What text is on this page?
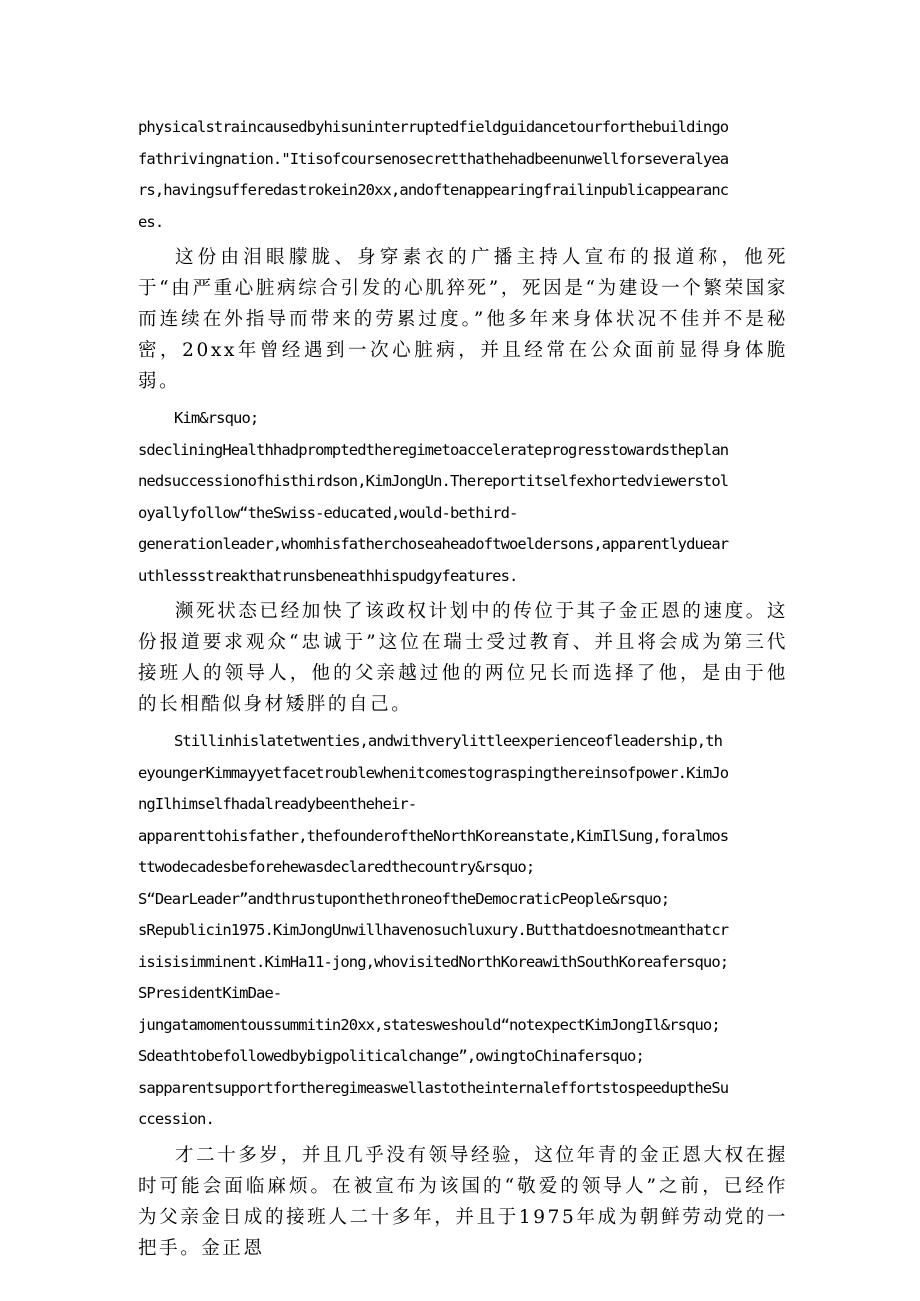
physicalstraincausedbyhisuninterruptedfieldguidancetourforthebuildingo
fathrivingnation."Itisofcoursenosecretthathehadbeenunwellforseveralyea
rs,havingsufferedastrokein20xx,andoftenappearingfrailinpublicappearanc
es.

这份由泪眼朦胧、身穿素衣的广播主持人宣布的报道称，他死于“由严重心脏病综合引发的心肌猝死”，死因是“为建设一个繁荣国家而连续在外指导而带来的劳累过度。”他多年来身体状况不佳并不是秘密，20xx年曾经遇到一次心脏病，并且经常在公众面前显得身体脆弱。

Kim&rsquo;
sdecliningHealthhadpromptedtheregimetoaccelerateprogresstowardstheplan
nedsuccessionofhisthirdson,KimJongUn.Thereportitselfexhortedviewerstol
oyallyfollow“theSwiss-educated,would-bethird-
generationleader,whomhisfatherchoseaheadoftwoeldersons,apparentlyduear
uthlessstreakthatrunsbeneathhispudgyfeatures.

濒死状态已经加快了该政权计划中的传位于其子金正恩的速度。这份报道要求观众“忠诚于”这位在瑞士受过教育、并且将会成为第三代接班人的领导人，他的父亲越过他的两位兄长而选择了他，是由于他的长相酷似身材矮胖的自己。

Stillinhislatetwenties,andwithverylittleexperienceofleadership,th
eyoungerKimmayyetfacetroublewhenitcomestograspingthereinsofpower.KimJo
ngIlhimselfhadalreadybeentheheir-
apparenttohisfather,thefounderoftheNorthKoreanstate,KimIlSung,foralmos
ttwodecadesbeforehewasdeclaredthecountry&rsquo;
S“DearLeader”andthrustuponthethroneoftheDemocraticPeople&rsquo;
sRepublicin1975.KimJongUnwillhavenosuchluxury.Butthatdoesnotmeanthatcr
isisisimminent.KimHa11-jong,whovisitedNorthKoreawithSouthKoreafersquo;
SPresidentKimDae-
jungatamomentoussummitin20xx,statesweshould“notexpectKimJongIl&rsquo;
Sdeathtobefollowedbybigpoliticalchange”,owingtoChinafersquo;
sapparentsupportfortheregimeaswellastotheinternaleffortstospeeduptheSu
ccession.

才二十多岁，并且几乎没有领导经验，这位年青的金正恩大权在握时可能会面临麻烦。在被宣布为该国的“敬爱的领导人”之前，已经作为父亲金日成的接班人二十多年，并且于1975年成为朝鲜劳动党的一把手。金正恩
